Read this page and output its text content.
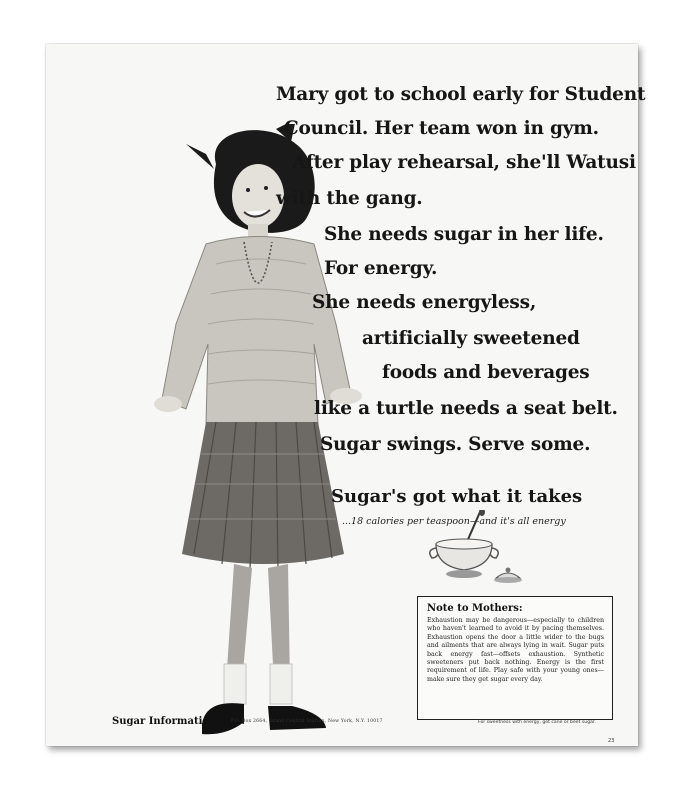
Mary got to school early for Student
Council. Her team won in gym.
After play rehearsal, she'll Watusi
with the gang.
She needs sugar in her life.
For energy.
She needs energyless,
artificially sweetened
foods and beverages
like a turtle needs a seat belt.
Sugar swings. Serve some.
Sugar's got what it takes
...18 calories per teaspoon—and it's all energy
Note to Mothers:
Exhaustion may be dangerous—especially to children who haven't learned to avoid it by pacing themselves. Exhaustion opens the door a little wider to the bugs and ailments that are always lying in wait. Sugar puts back energy fast—offsets exhaustion. Synthetic sweeteners put back nothing. Energy is the first requirement of life. Play safe with your young ones—make sure they get sugar every day.
Sugar Information, Inc.
P.O. Box 2664, Grand Central Station, New York, N.Y. 10017	For sweetness with energy, get cane or beet sugar.
23
